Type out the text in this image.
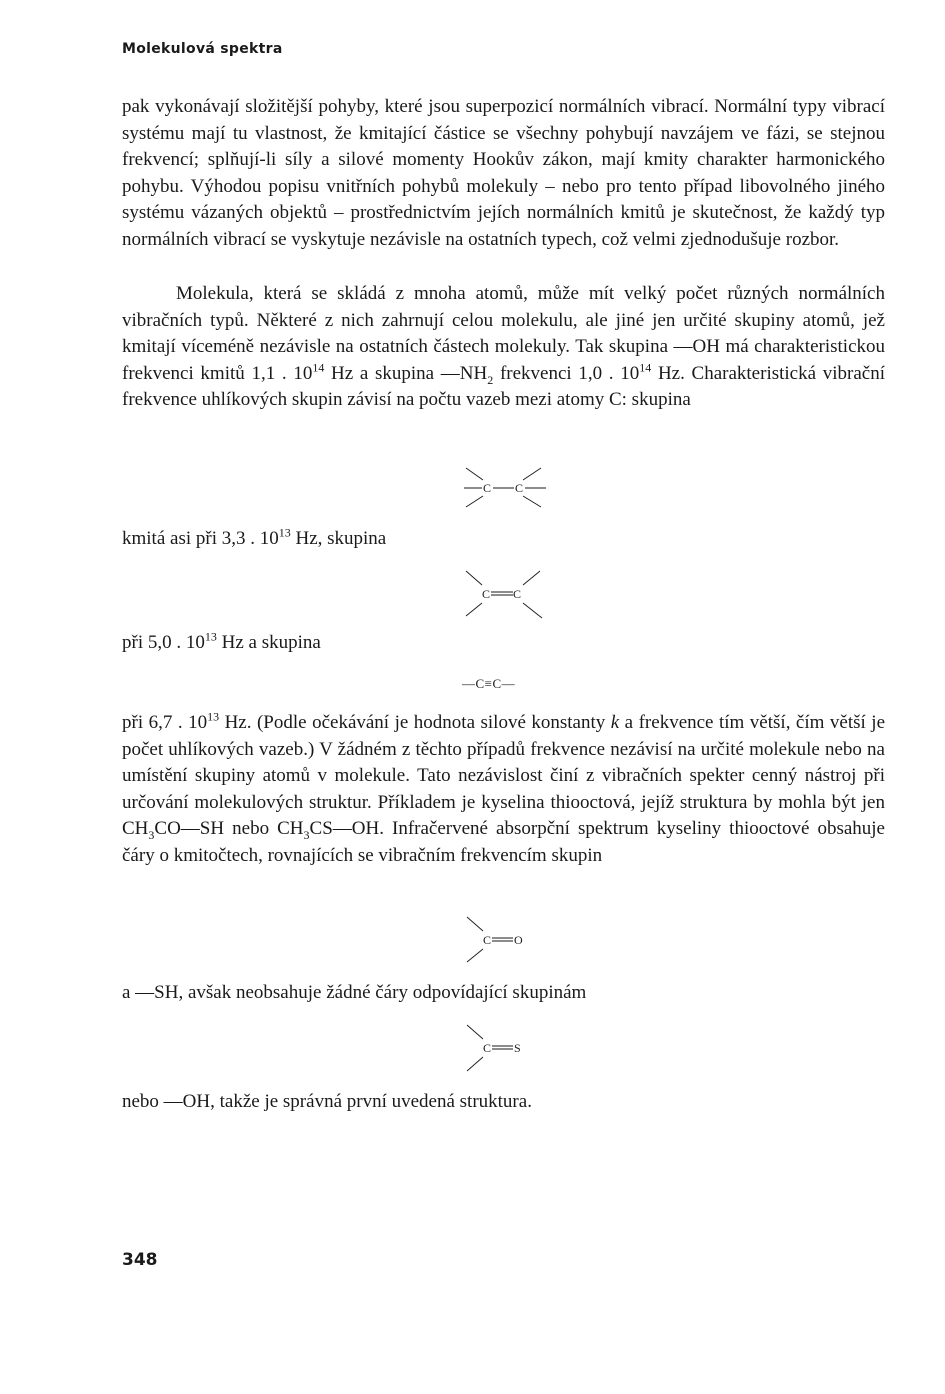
Molekulová spektra
pak vykonávají složitější pohyby, které jsou superpozicí normálních vibrací. Normální typy vibrací systému mají tu vlastnost, že kmitající částice se všechny pohybují navzájem ve fázi, se stejnou frekvencí; splňují-li síly a silové momenty Hookův zákon, mají kmity charakter harmonického pohybu. Výhodou popisu vnitřních pohybů molekuly – nebo pro tento případ libovolného jiného systému vázaných objektů – prostřednictvím jejích normálních kmitů je skutečnost, že každý typ normálních vibrací se vyskytuje nezávisle na ostatních typech, což velmi zjednodušuje rozbor.
Molekula, která se skládá z mnoha atomů, může mít velký počet různých normálních vibračních typů. Některé z nich zahrnují celou molekulu, ale jiné jen určité skupiny atomů, jež kmitají víceméně nezávisle na ostatních částech molekuly. Tak skupina —OH má charakteristickou frekvenci kmitů 1,1 . $10^{14}$ Hz a skupina $—NH_2$ frekvenci 1,0 . $10^{14}$ Hz. Charakteristická vibrační frekvence uhlíkových skupin závisí na počtu vazeb mezi atomy C: skupina
C C
kmitá asi při 3,3 . $10^{13}$ Hz, skupina
C C
při 5,0 . $10^{13}$ Hz a skupina
—C≡C—
při 6,7 . $10^{13}$ Hz. (Podle očekávání je hodnota silové konstanty k a frekvence tím větší, čím větší je počet uhlíkových vazeb.) V žádném z těchto případů frekvence nezávisí na určité molekule nebo na umístění skupiny atomů v molekule. Tato nezávislost činí z vibračních spekter cenný nástroj při určování molekulových struktur. Příkladem je kyselina thiooctová, jejíž struktura by mohla být jen $CH_3CO—SH$ nebo $CH_3CS—OH$. Infračervené absorpční spektrum kyseliny thiooctové obsahuje čáry o kmitočtech, rovnajících se vibračním frekvencím skupin
C O
a —SH, avšak neobsahuje žádné čáry odpovídající skupinám
C S
nebo —OH, takže je správná první uvedená struktura.
348
